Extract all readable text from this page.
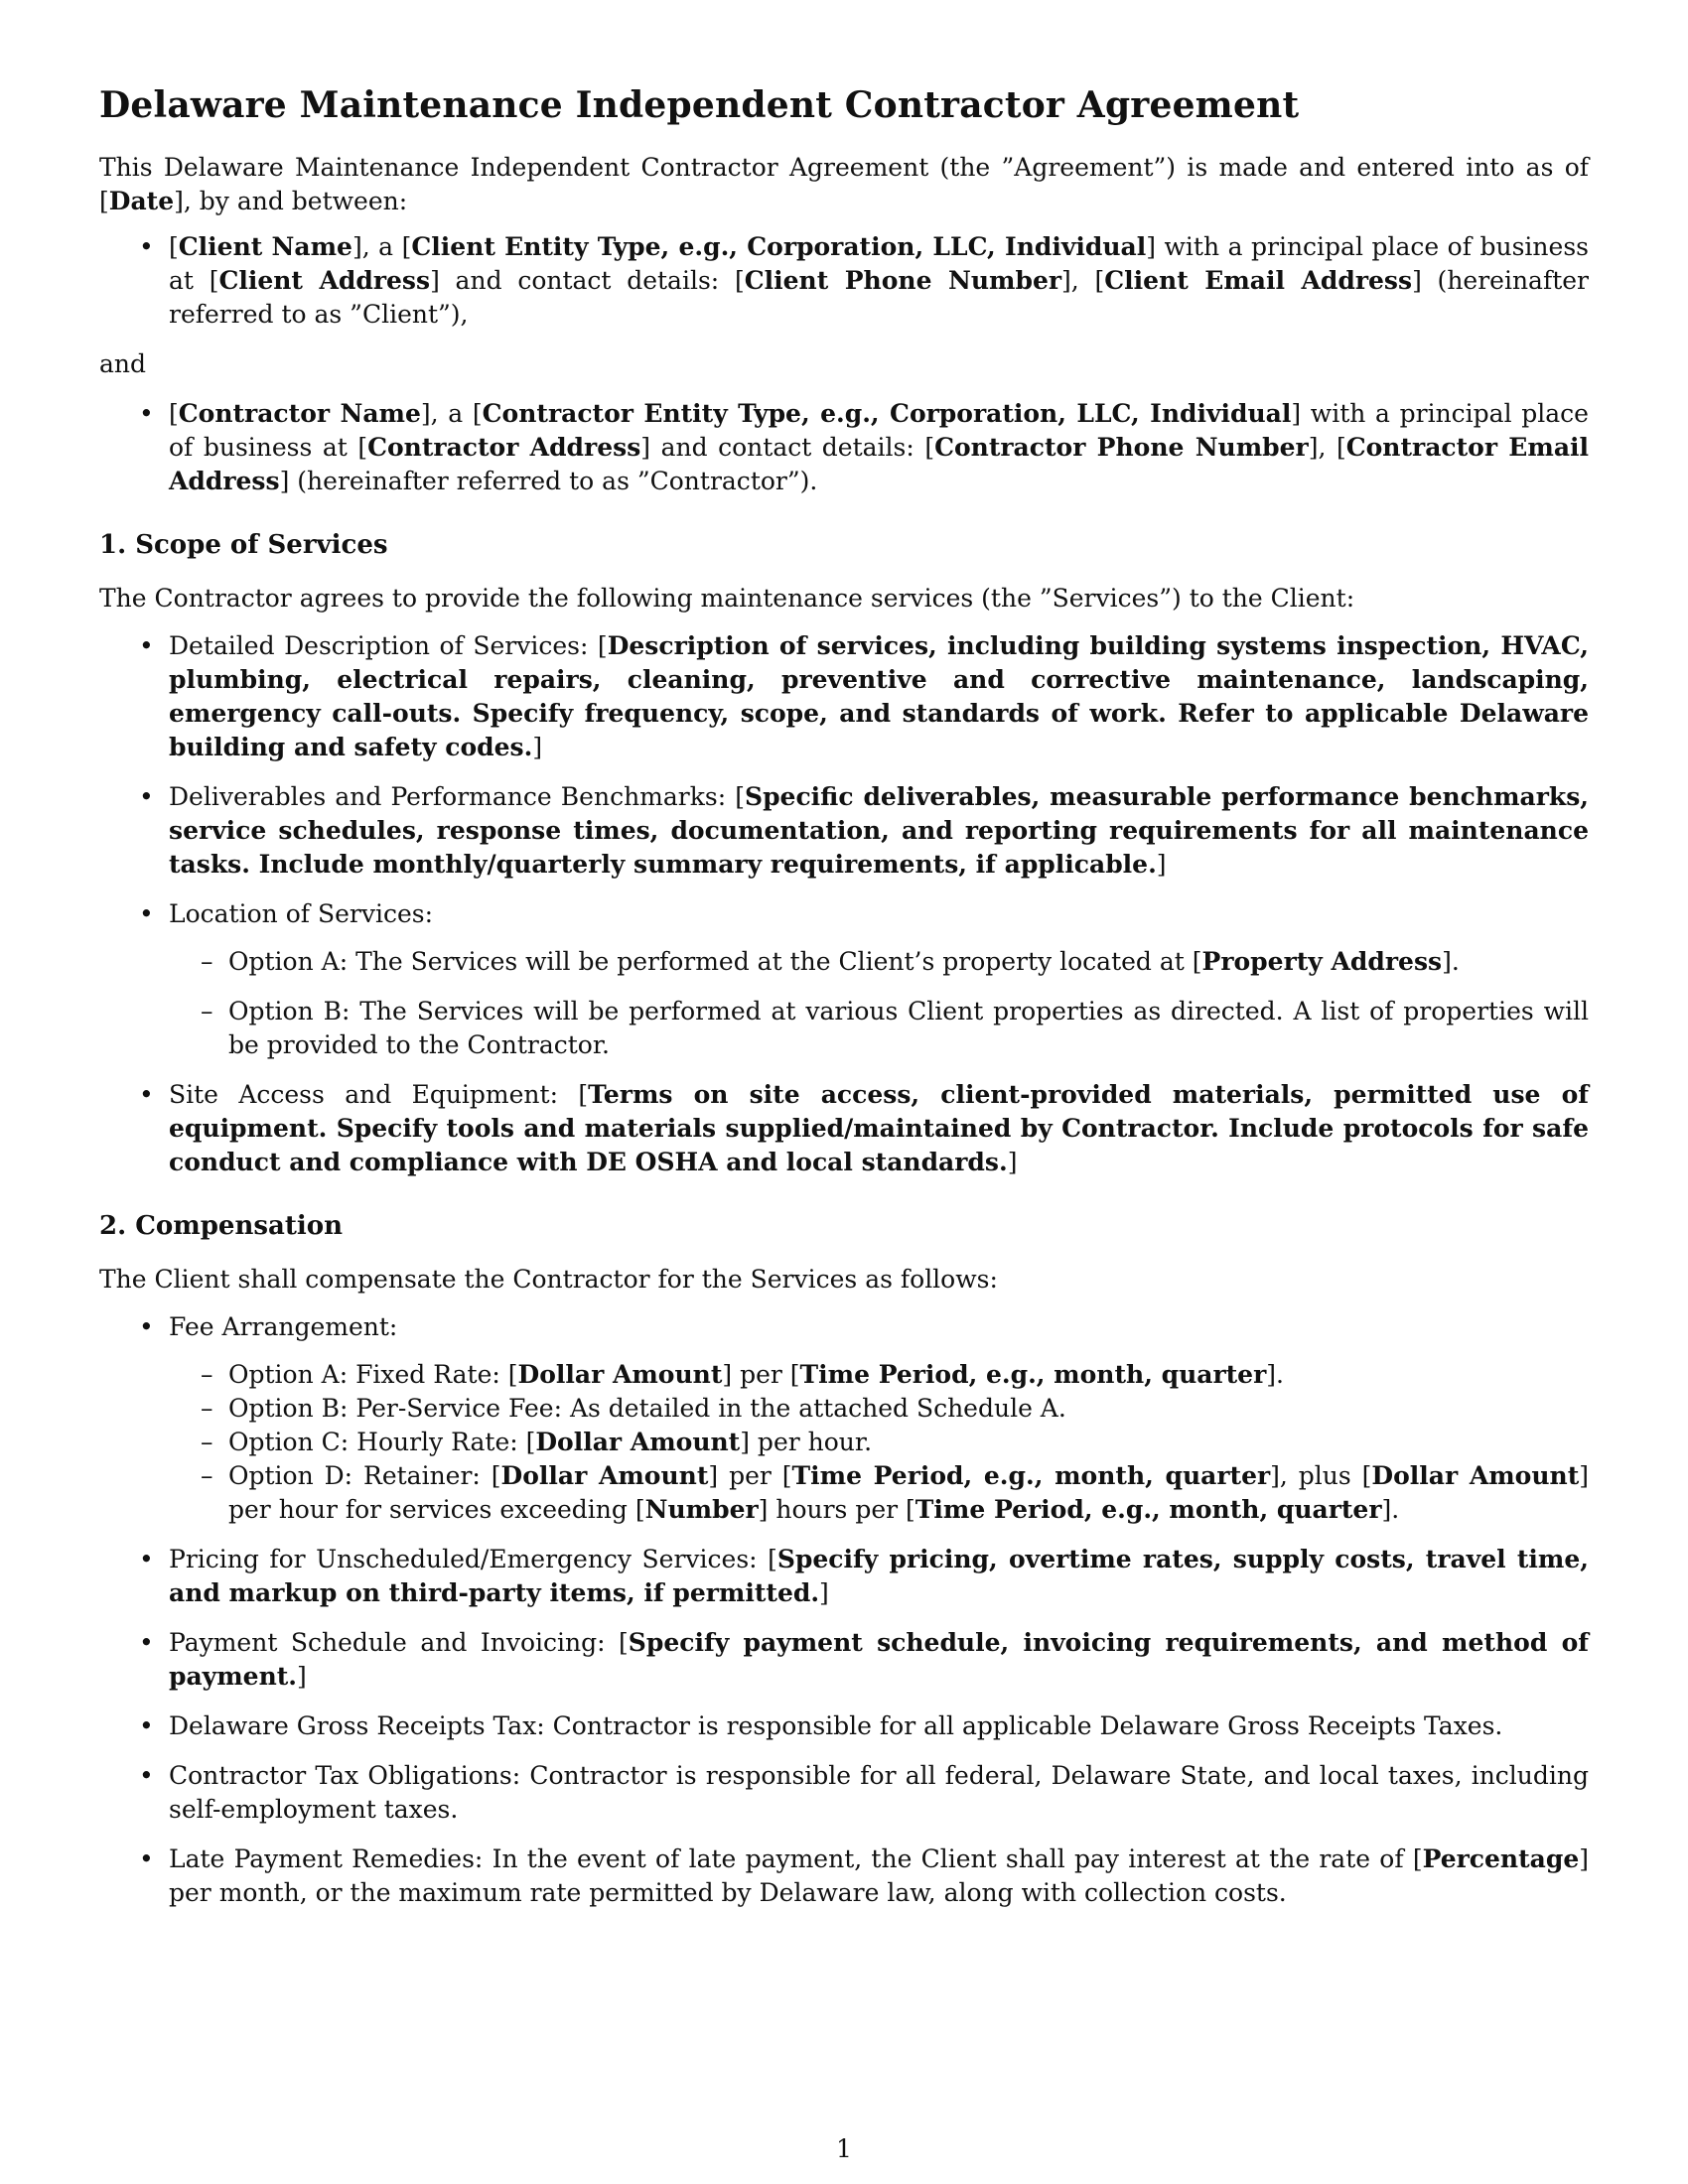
Delaware Maintenance Independent Contractor Agreement

This Delaware Maintenance Independent Contractor Agreement (the ”Agreement”) is made and entered into as of [Date], by and between:

• [Client Name], a [Client Entity Type, e.g., Corporation, LLC, Individual] with a principal place of business at [Client Address] and contact details: [Client Phone Number], [Client Email Address] (hereinafter referred to as ”Client”),

and

• [Contractor Name], a [Contractor Entity Type, e.g., Corporation, LLC, Individual] with a principal place of business at [Contractor Address] and contact details: [Contractor Phone Number], [Contractor Email Address] (hereinafter referred to as ”Contractor”).
1. Scope of Services

The Contractor agrees to provide the following maintenance services (the ”Services”) to the Client:

• Detailed Description of Services: [Description of services, including building systems inspection, HVAC, plumbing, electrical repairs, cleaning, preventive and corrective maintenance, landscaping, emergency call-outs. Specify frequency, scope, and standards of work. Refer to applicable Delaware building and safety codes.]
• Deliverables and Performance Benchmarks: [Specific deliverables, measurable performance benchmarks, service schedules, response times, documentation, and reporting requirements for all maintenance tasks. Include monthly/quarterly summary requirements, if applicable.]
• Location of Services:
– Option A: The Services will be performed at the Client’s property located at [Property Address].
– Option B: The Services will be performed at various Client properties as directed. A list of properties will be provided to the Contractor.
• Site Access and Equipment: [Terms on site access, client-provided materials, permitted use of equipment. Specify tools and materials supplied/maintained by Contractor. Include protocols for safe conduct and compliance with DE OSHA and local standards.]
2. Compensation

The Client shall compensate the Contractor for the Services as follows:

• Fee Arrangement:
– Option A: Fixed Rate: [Dollar Amount] per [Time Period, e.g., month, quarter].
– Option B: Per-Service Fee: As detailed in the attached Schedule A.
– Option C: Hourly Rate: [Dollar Amount] per hour.
– Option D: Retainer: [Dollar Amount] per [Time Period, e.g., month, quarter], plus [Dollar Amount] per hour for services exceeding [Number] hours per [Time Period, e.g., month, quarter].
• Pricing for Unscheduled/Emergency Services: [Specify pricing, overtime rates, supply costs, travel time, and markup on third-party items, if permitted.]
• Payment Schedule and Invoicing: [Specify payment schedule, invoicing requirements, and method of payment.]
• Delaware Gross Receipts Tax: Contractor is responsible for all applicable Delaware Gross Receipts Taxes.
• Contractor Tax Obligations: Contractor is responsible for all federal, Delaware State, and local taxes, including self-employment taxes.
• Late Payment Remedies: In the event of late payment, the Client shall pay interest at the rate of [Percentage] per month, or the maximum rate permitted by Delaware law, along with collection costs.
1
